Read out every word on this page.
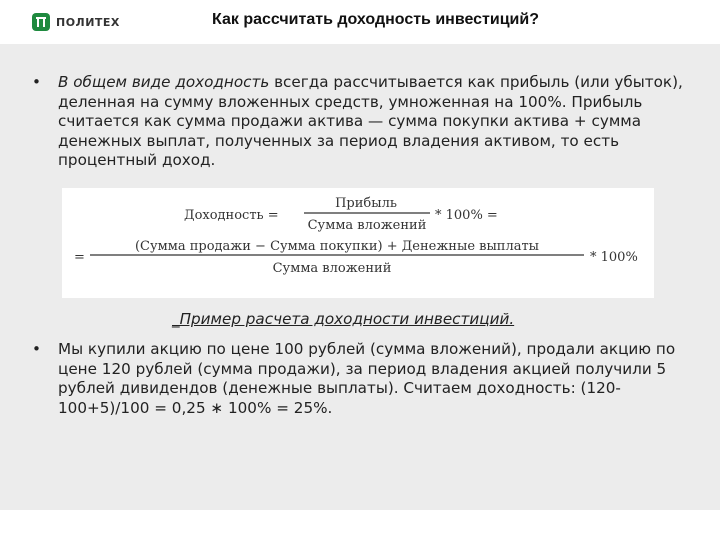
ПОЛИТЕХ	Как рассчитать доходность инвестиций?
• В общем виде доходность всегда рассчитывается как прибыль (или убыток), деленная на сумму вложенных средств, умноженная на 100%. Прибыль считается как сумма продажи актива — сумма покупки актива + сумма денежных выплат, полученных за период владения активом, то есть процентный доход.
Доходность =
Прибыль
Сумма вложений
* 100% =
=
(Сумма продажи − Сумма покупки) + Денежные выплаты
Сумма вложений
* 100%
_Пример расчета доходности инвестиций.
• Мы купили акцию по цене 100 рублей (сумма вложений), продали акцию по цене 120 рублей (сумма продажи), за период владения акцией получили 5 рублей дивидендов (денежные выплаты). Считаем доходность: (120-100+5)/100 = 0,25 ∗ 100% = 25%.
